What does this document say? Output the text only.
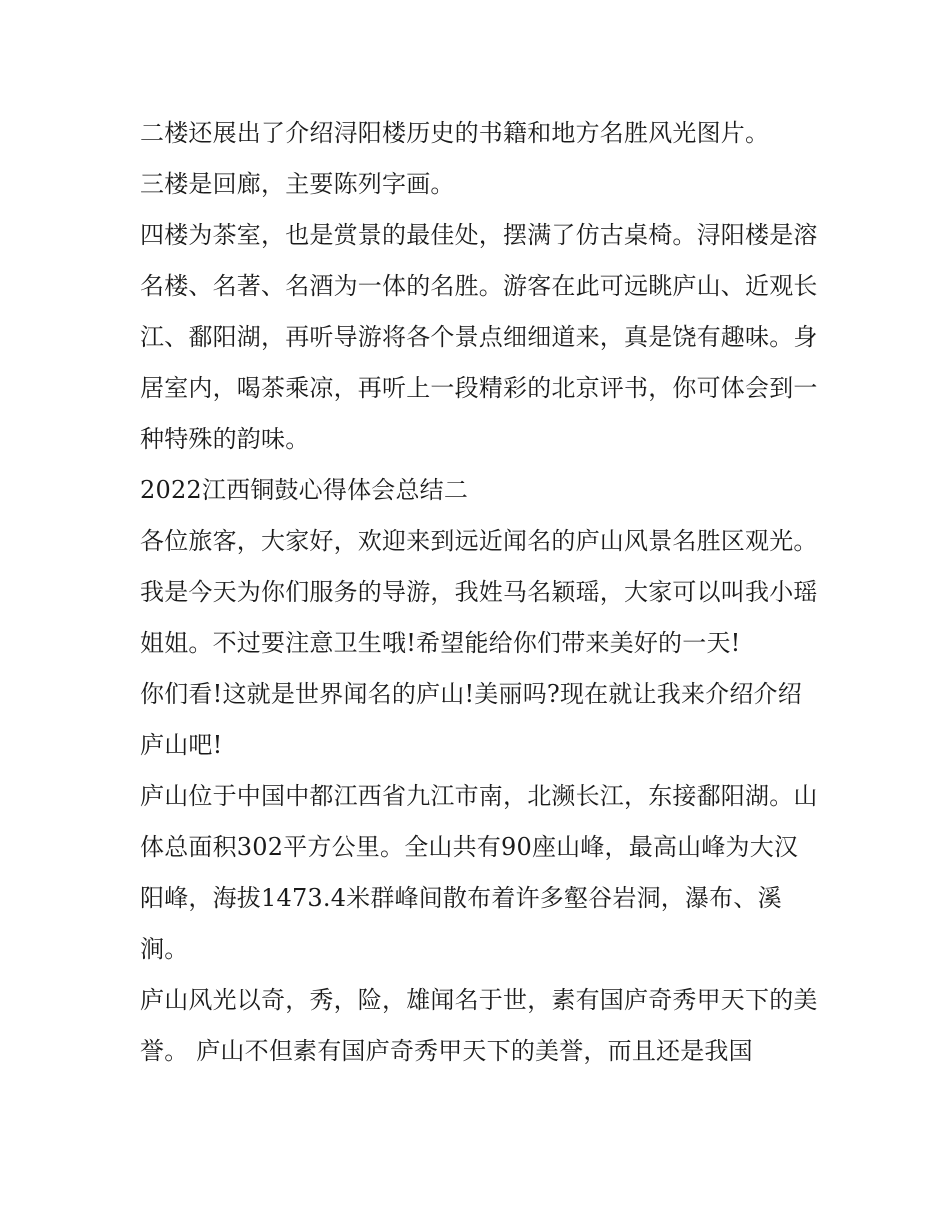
二楼还展出了介绍浔阳楼历史的书籍和地方名胜风光图片。

三楼是回廊，主要陈列字画。

四楼为茶室，也是赏景的最佳处，摆满了仿古桌椅。浔阳楼是溶名楼、名著、名酒为一体的名胜。游客在此可远眺庐山、近观长江、鄱阳湖，再听导游将各个景点细细道来，真是饶有趣味。身居室内，喝茶乘凉，再听上一段精彩的北京评书，你可体会到一种特殊的韵味。

2022江西铜鼓心得体会总结二

各位旅客，大家好，欢迎来到远近闻名的庐山风景名胜区观光。我是今天为你们服务的导游，我姓马名颖瑶，大家可以叫我小瑶姐姐。不过要注意卫生哦!希望能给你们带来美好的一天!

你们看!这就是世界闻名的庐山!美丽吗?现在就让我来介绍介绍庐山吧!

庐山位于中国中都江西省九江市南，北濒长江，东接鄱阳湖。山体总面积302平方公里。全山共有90座山峰，最高山峰为大汉阳峰，海拔1473.4米群峰间散布着许多壑谷岩洞，瀑布、溪涧。

庐山风光以奇，秀，险，雄闻名于世，素有国庐奇秀甲天下的美誉。 庐山不但素有国庐奇秀甲天下的美誉，而且还是我国
